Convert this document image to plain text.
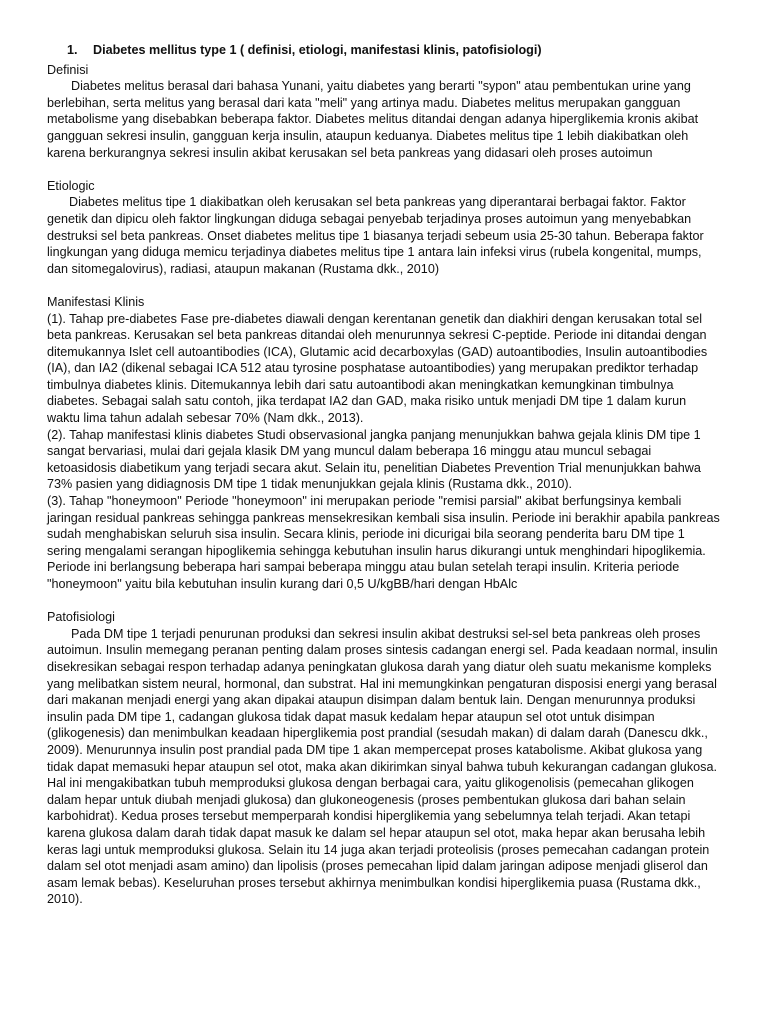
1. Diabetes mellitus type 1 ( definisi, etiologi, manifestasi klinis, patofisiologi)
Definisi

Diabetes melitus berasal dari bahasa Yunani, yaitu diabetes yang berarti "sypon" atau pembentukan urine yang berlebihan, serta melitus yang berasal dari kata "meli" yang artinya madu. Diabetes melitus merupakan gangguan metabolisme yang disebabkan beberapa faktor. Diabetes melitus ditandai dengan adanya hiperglikemia kronis akibat gangguan sekresi insulin, gangguan kerja insulin, ataupun keduanya. Diabetes melitus tipe 1 lebih diakibatkan oleh karena berkurangnya sekresi insulin akibat kerusakan sel beta pankreas yang didasari oleh proses autoimun

Etiologic

Diabetes melitus tipe 1 diakibatkan oleh kerusakan sel beta pankreas yang diperantarai berbagai faktor. Faktor genetik dan dipicu oleh faktor lingkungan diduga sebagai penyebab terjadinya proses autoimun yang menyebabkan destruksi sel beta pankreas. Onset diabetes melitus tipe 1 biasanya terjadi sebeum usia 25-30 tahun. Beberapa faktor lingkungan yang diduga memicu terjadinya diabetes melitus tipe 1 antara lain infeksi virus (rubela kongenital, mumps, dan sitomegalovirus), radiasi, ataupun makanan (Rustama dkk., 2010)

Manifestasi Klinis

(1). Tahap pre-diabetes Fase pre-diabetes diawali dengan kerentanan genetik dan diakhiri dengan kerusakan total sel beta pankreas. Kerusakan sel beta pankreas ditandai oleh menurunnya sekresi C-peptide. Periode ini ditandai dengan ditemukannya Islet cell autoantibodies (ICA), Glutamic acid decarboxylas (GAD) autoantibodies, Insulin autoantibodies (IA), dan IA2 (dikenal sebagai ICA 512 atau tyrosine posphatase autoantibodies) yang merupakan prediktor terhadap timbulnya diabetes klinis. Ditemukannya lebih dari satu autoantibodi akan meningkatkan kemungkinan timbulnya diabetes. Sebagai salah satu contoh, jika terdapat IA2 dan GAD, maka risiko untuk menjadi DM tipe 1 dalam kurun waktu lima tahun adalah sebesar 70% (Nam dkk., 2013).

(2). Tahap manifestasi klinis diabetes Studi observasional jangka panjang menunjukkan bahwa gejala klinis DM tipe 1 sangat bervariasi, mulai dari gejala klasik DM yang muncul dalam beberapa 16 minggu atau muncul sebagai ketoasidosis diabetikum yang terjadi secara akut. Selain itu, penelitian Diabetes Prevention Trial menunjukkan bahwa 73% pasien yang didiagnosis DM tipe 1 tidak menunjukkan gejala klinis (Rustama dkk., 2010).

(3). Tahap "honeymoon" Periode "honeymoon" ini merupakan periode "remisi parsial" akibat berfungsinya kembali jaringan residual pankreas sehingga pankreas mensekresikan kembali sisa insulin. Periode ini berakhir apabila pankreas sudah menghabiskan seluruh sisa insulin. Secara klinis, periode ini dicurigai bila seorang penderita baru DM tipe 1 sering mengalami serangan hipoglikemia sehingga kebutuhan insulin harus dikurangi untuk menghindari hipoglikemia. Periode ini berlangsung beberapa hari sampai beberapa minggu atau bulan setelah terapi insulin. Kriteria periode "honeymoon" yaitu bila kebutuhan insulin kurang dari 0,5 U/kgBB/hari dengan HbAlc

Patofisiologi

Pada DM tipe 1 terjadi penurunan produksi dan sekresi insulin akibat destruksi sel-sel beta pankreas oleh proses autoimun. Insulin memegang peranan penting dalam proses sintesis cadangan energi sel. Pada keadaan normal, insulin disekresikan sebagai respon terhadap adanya peningkatan glukosa darah yang diatur oleh suatu mekanisme kompleks yang melibatkan sistem neural, hormonal, dan substrat. Hal ini memungkinkan pengaturan disposisi energi yang berasal dari makanan menjadi energi yang akan dipakai ataupun disimpan dalam bentuk lain. Dengan menurunnya produksi insulin pada DM tipe 1, cadangan glukosa tidak dapat masuk kedalam hepar ataupun sel otot untuk disimpan (glikogenesis) dan menimbulkan keadaan hiperglikemia post prandial (sesudah makan) di dalam darah (Danescu dkk., 2009). Menurunnya insulin post prandial pada DM tipe 1 akan mempercepat proses katabolisme. Akibat glukosa yang tidak dapat memasuki hepar ataupun sel otot, maka akan dikirimkan sinyal bahwa tubuh kekurangan cadangan glukosa. Hal ini mengakibatkan tubuh memproduksi glukosa dengan berbagai cara, yaitu glikogenolisis (pemecahan glikogen dalam hepar untuk diubah menjadi glukosa) dan glukoneogenesis (proses pembentukan glukosa dari bahan selain karbohidrat). Kedua proses tersebut memperparah kondisi hiperglikemia yang sebelumnya telah terjadi. Akan tetapi karena glukosa dalam darah tidak dapat masuk ke dalam sel hepar ataupun sel otot, maka hepar akan berusaha lebih keras lagi untuk memproduksi glukosa. Selain itu 14 juga akan terjadi proteolisis (proses pemecahan cadangan protein dalam sel otot menjadi asam amino) dan lipolisis (proses pemecahan lipid dalam jaringan adipose menjadi gliserol dan asam lemak bebas). Keseluruhan proses tersebut akhirnya menimbulkan kondisi hiperglikemia puasa (Rustama dkk., 2010).
